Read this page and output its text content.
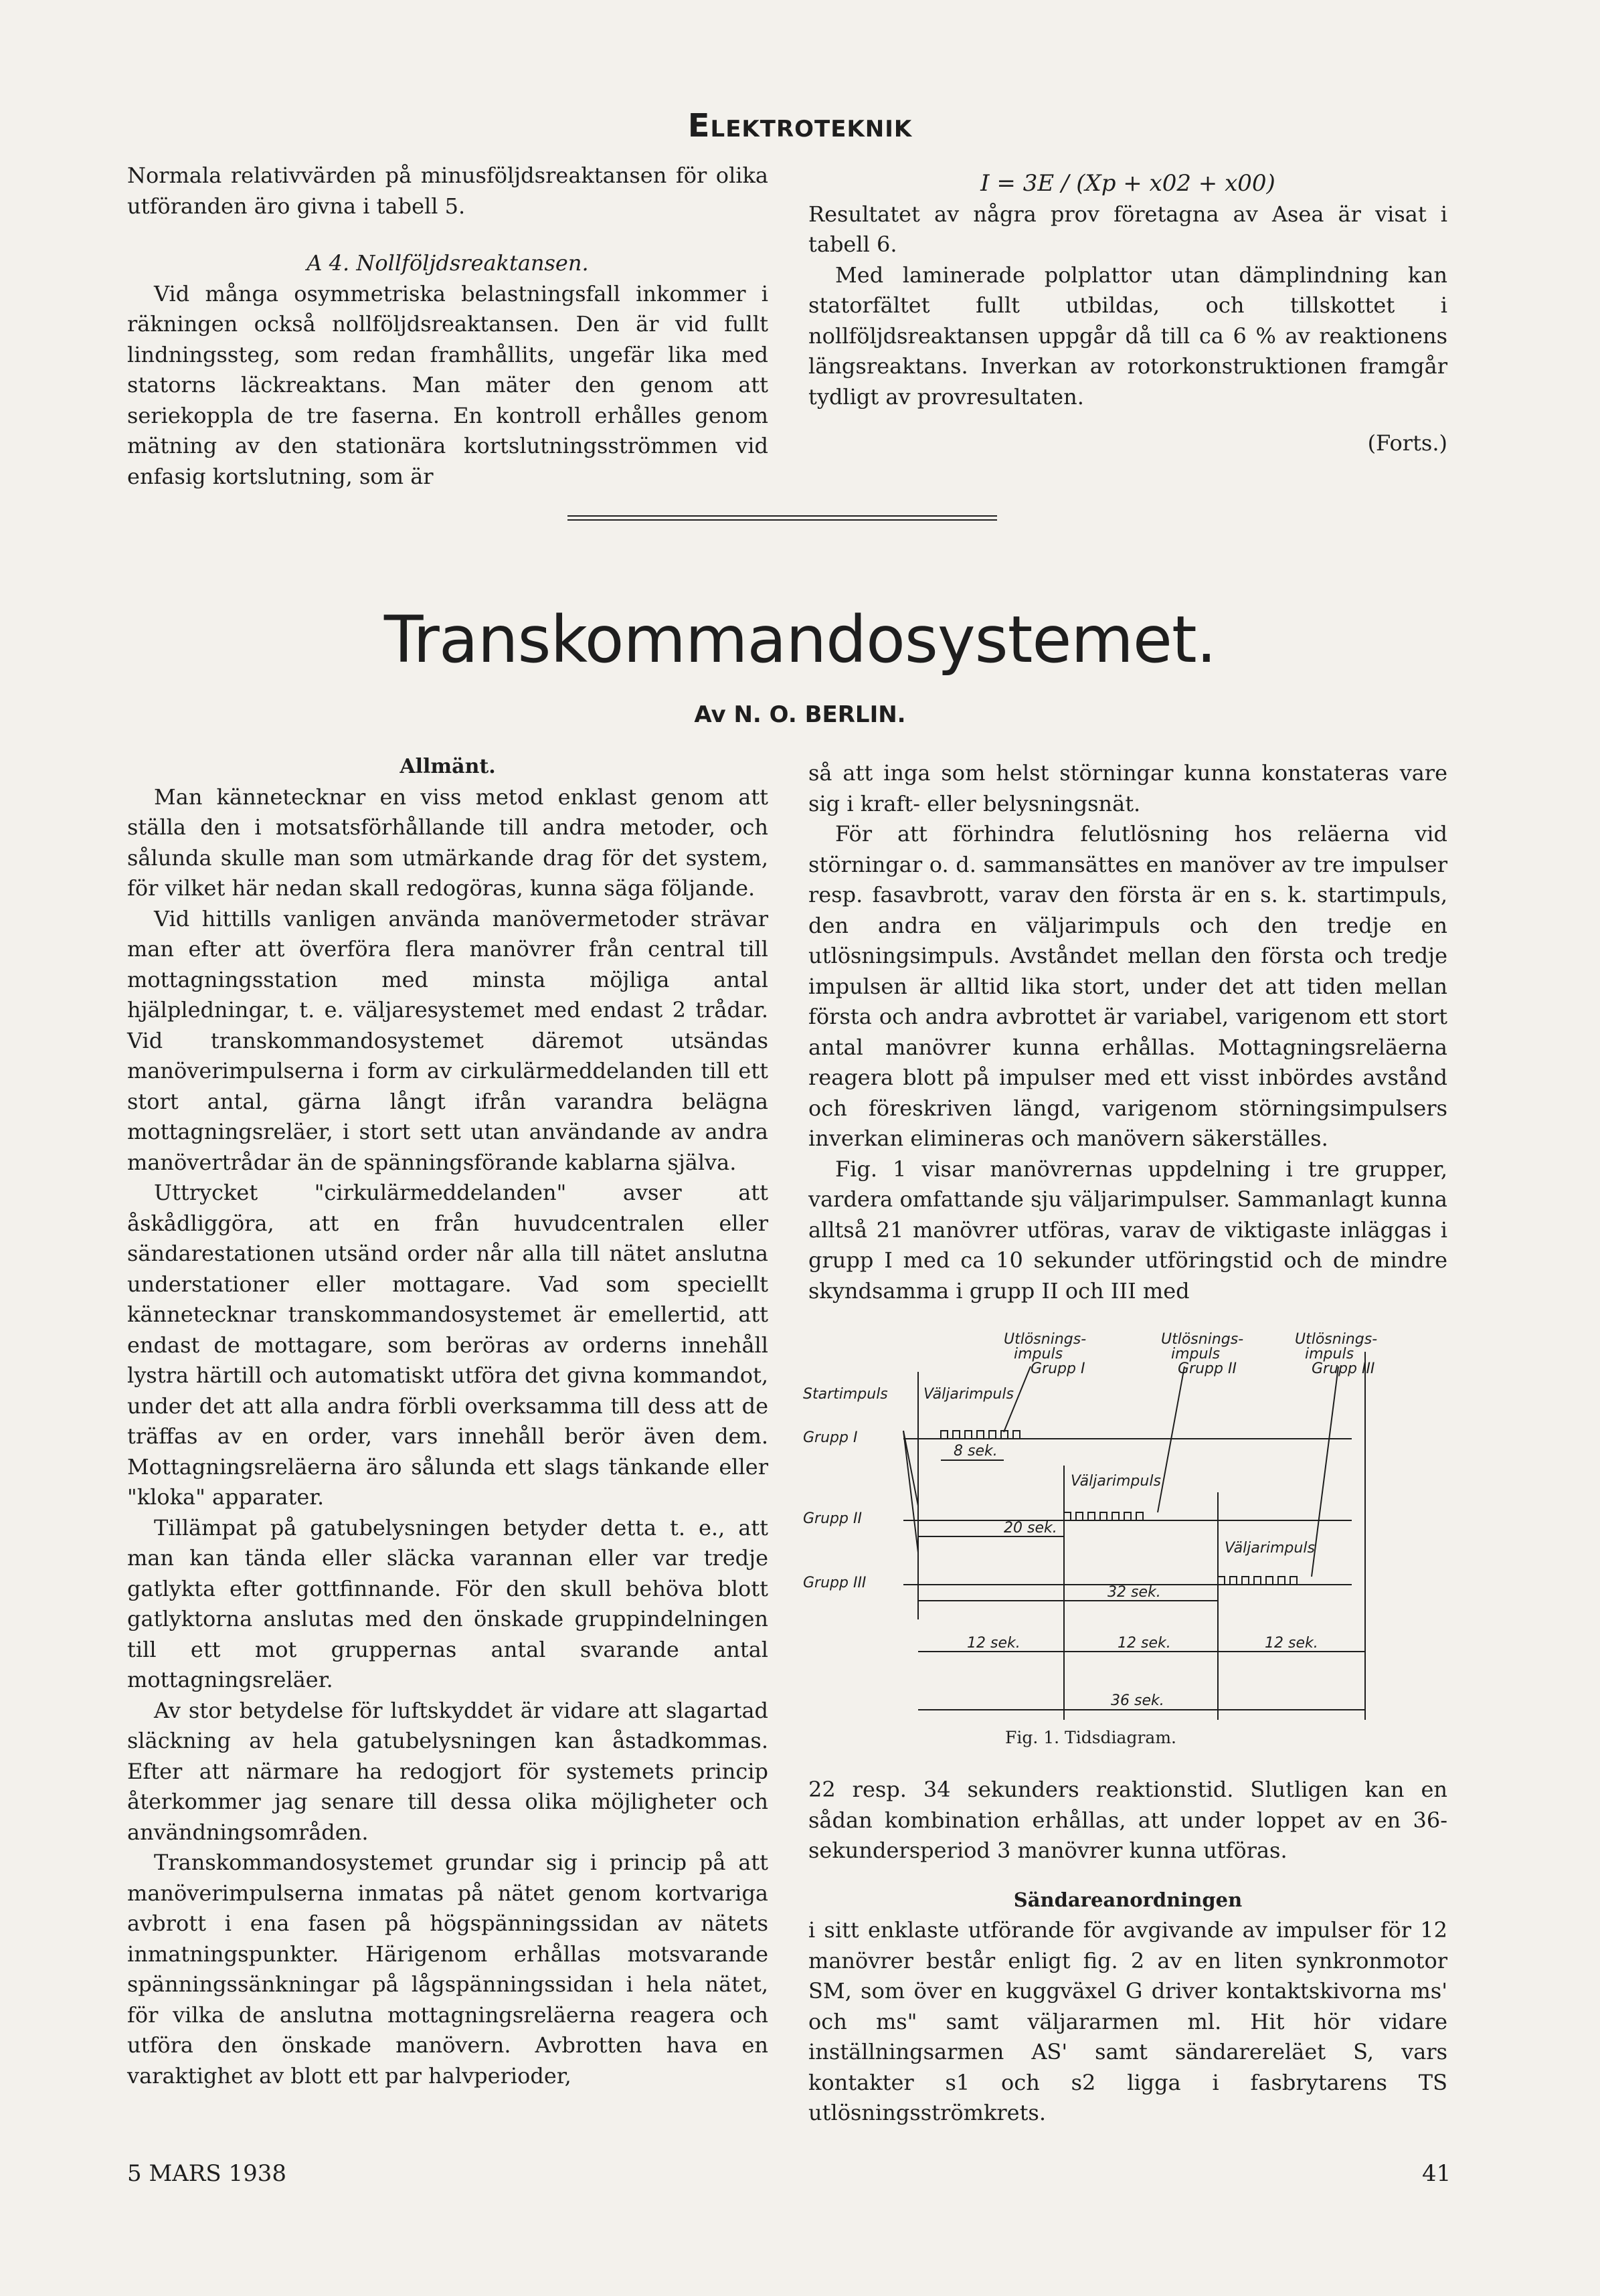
Elektroteknik

Normala relativvärden på minusföljdsreaktansen för olika utföranden äro givna i tabell 5.

A 4. Nollföljdsreaktansen.

Vid många osymmetriska belastningsfall inkommer i räkningen också nollföljdsreaktansen. Den är vid fullt lindningssteg, som redan framhållits, ungefär lika med statorns läckreaktans. Man mäter den genom att seriekoppla de tre faserna. En kontroll erhålles genom mätning av den stationära kortslutningsströmmen vid enfasig kortslutning, som är

I = 3E / (Xp + x02 + x00)

Resultatet av några prov företagna av Asea är visat i tabell 6.

Med laminerade polplattor utan dämplindning kan statorfältet fullt utbildas, och tillskottet i nollföljdsreaktansen uppgår då till ca 6 % av reaktionens längsreaktans. Inverkan av rotorkonstruktionen framgår tydligt av provresultaten.

(Forts.)

Transkommandosystemet.
Av N. O. BERLIN.

Allmänt.

Man kännetecknar en viss metod enklast genom att ställa den i motsatsförhållande till andra metoder, och sålunda skulle man som utmärkande drag för det system, för vilket här nedan skall redogöras, kunna säga följande.

Vid hittills vanligen använda manövermetoder strävar man efter att överföra flera manövrer från central till mottagningsstation med minsta möjliga antal hjälpledningar, t. e. väljaresystemet med endast 2 trådar. Vid transkommandosystemet däremot utsändas manöverimpulserna i form av cirkulärmeddelanden till ett stort antal, gärna långt ifrån varandra belägna mottagningsreläer, i stort sett utan användande av andra manövertrådar än de spänningsförande kablarna själva.

Uttrycket "cirkulärmeddelanden" avser att åskådliggöra, att en från huvudcentralen eller sändarestationen utsänd order når alla till nätet anslutna understationer eller mottagare. Vad som speciellt kännetecknar transkommandosystemet är emellertid, att endast de mottagare, som beröras av orderns innehåll lystra härtill och automatiskt utföra det givna kommandot, under det att alla andra förbli overksamma till dess att de träffas av en order, vars innehåll berör även dem. Mottagningsreläerna äro sålunda ett slags tänkande eller "kloka" apparater.

Tillämpat på gatubelysningen betyder detta t. e., att man kan tända eller släcka varannan eller var tredje gatlykta efter gottfinnande. För den skull behöva blott gatlyktorna anslutas med den önskade gruppindelningen till ett mot gruppernas antal svarande antal mottagningsreläer.

Av stor betydelse för luftskyddet är vidare att slagartad släckning av hela gatubelysningen kan åstadkommas. Efter att närmare ha redogjort för systemets princip återkommer jag senare till dessa olika möjligheter och användningsområden.

Transkommandosystemet grundar sig i princip på att manöverimpulserna inmatas på nätet genom kortvariga avbrott i ena fasen på högspänningssidan av nätets inmatningspunkter. Härigenom erhållas motsvarande spänningssänkningar på lågspänningssidan i hela nätet, för vilka de anslutna mottagningsreläerna reagera och utföra den önskade manövern. Avbrotten hava en varaktighet av blott ett par halvperioder,

så att inga som helst störningar kunna konstateras vare sig i kraft- eller belysningsnät.

För att förhindra felutlösning hos reläerna vid störningar o. d. sammansättes en manöver av tre impulser resp. fasavbrott, varav den första är en s. k. startimpuls, den andra en väljarimpuls och den tredje en utlösningsimpuls. Avståndet mellan den första och tredje impulsen är alltid lika stort, under det att tiden mellan första och andra avbrottet är variabel, varigenom ett stort antal manövrer kunna erhållas. Mottagningsreläerna reagera blott på impulser med ett visst inbördes avstånd och föreskriven längd, varigenom störningsimpulsers inverkan elimineras och manövern säkerställes.

Fig. 1 visar manövrernas uppdelning i tre grupper, vardera omfattande sju väljarimpulser. Sammanlagt kunna alltså 21 manövrer utföras, varav de viktigaste inläggas i grupp I med ca 10 sekunder utföringstid och de mindre skyndsamma i grupp II och III med

Utlösnings-
impuls
Grupp I
Utlösnings-
impuls
Grupp II
Utlösnings-
impuls
Grupp III
Startimpuls Väljarimpuls
Väljarimpuls
Väljarimpuls
Grupp I
Grupp II
Grupp III
8 sek.
20 sek.
32 sek.
12 sek.	12 sek.	12 sek.
36 sek.
Fig. 1. Tidsdiagram.

22 resp. 34 sekunders reaktionstid. Slutligen kan en sådan kombination erhållas, att under loppet av en 36-sekundersperiod 3 manövrer kunna utföras.

Sändareanordningen

i sitt enklaste utförande för avgivande av impulser för 12 manövrer består enligt fig. 2 av en liten synkronmotor SM, som över en kuggväxel G driver kontaktskivorna ms' och ms" samt väljararmen ml. Hit hör vidare inställningsarmen AS' samt sändarereläet S, vars kontakter s1 och s2 ligga i fasbrytarens TS utlösningsströmkrets.

5 MARS 1938	41
